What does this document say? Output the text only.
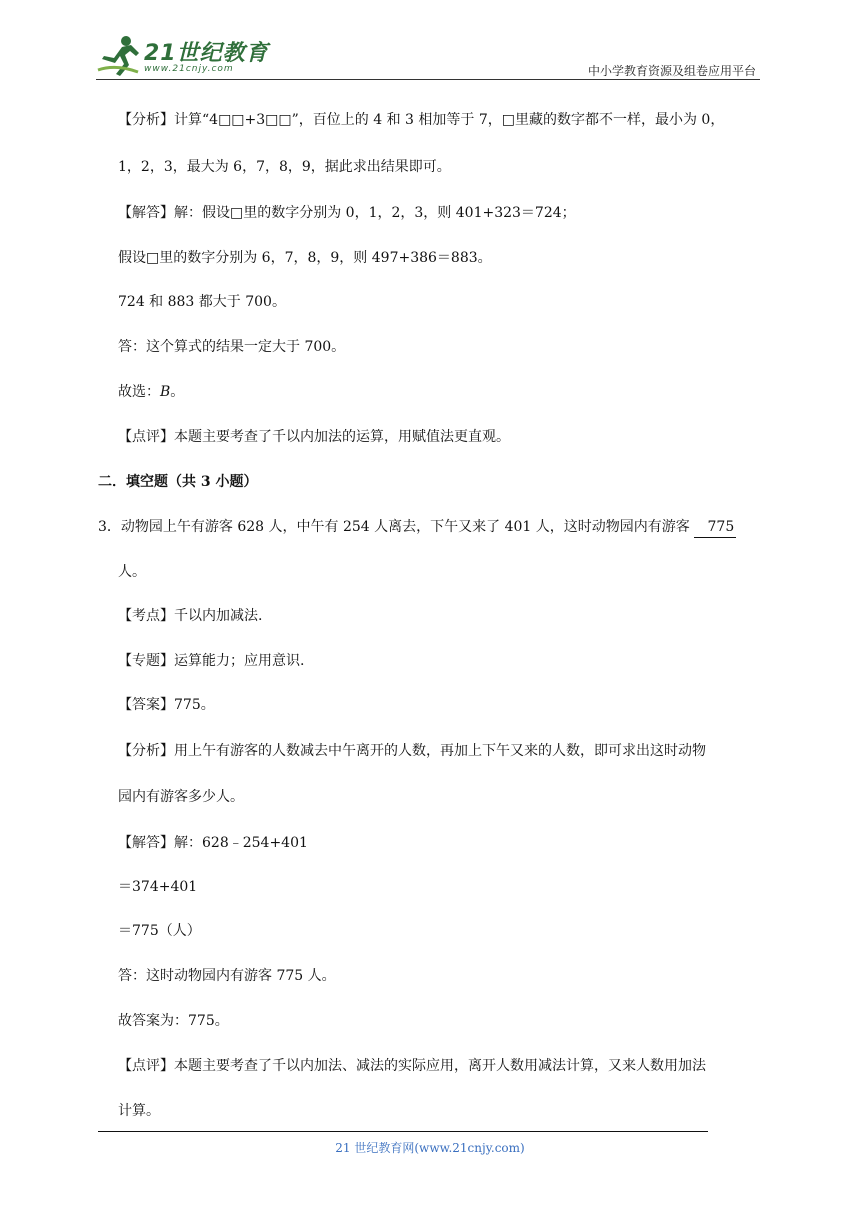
21世纪教育
www.21cnjy.com	中小学教育资源及组卷应用平台
【分析】计算“4□□+3□□”，百位上的 4 和 3 相加等于 7，□里藏的数字都不一样，最小为 0，
1，2，3，最大为 6，7，8，9，据此求出结果即可。
【解答】解：假设□里的数字分别为 0，1，2，3，则 401+323＝724；
假设□里的数字分别为 6，7，8，9，则 497+386＝883。
724 和 883 都大于 700。
答：这个算式的结果一定大于 700。
故选：B。
【点评】本题主要考查了千以内加法的运算，用赋值法更直观。
二．填空题（共 3 小题）
3．动物园上午有游客 628 人，中午有 254 人离去，下午又来了 401 人，这时动物园内有游客 775
人。
【考点】千以内加减法.
【专题】运算能力；应用意识.
【答案】775。
【分析】用上午有游客的人数减去中午离开的人数，再加上下午又来的人数，即可求出这时动物
园内有游客多少人。
【解答】解：628﹣254+401
＝374+401
＝775（人）
答：这时动物园内有游客 775 人。
故答案为：775。
【点评】本题主要考查了千以内加法、减法的实际应用，离开人数用减法计算，又来人数用加法
计算。
21 世纪教育网(www.21cnjy.com)
